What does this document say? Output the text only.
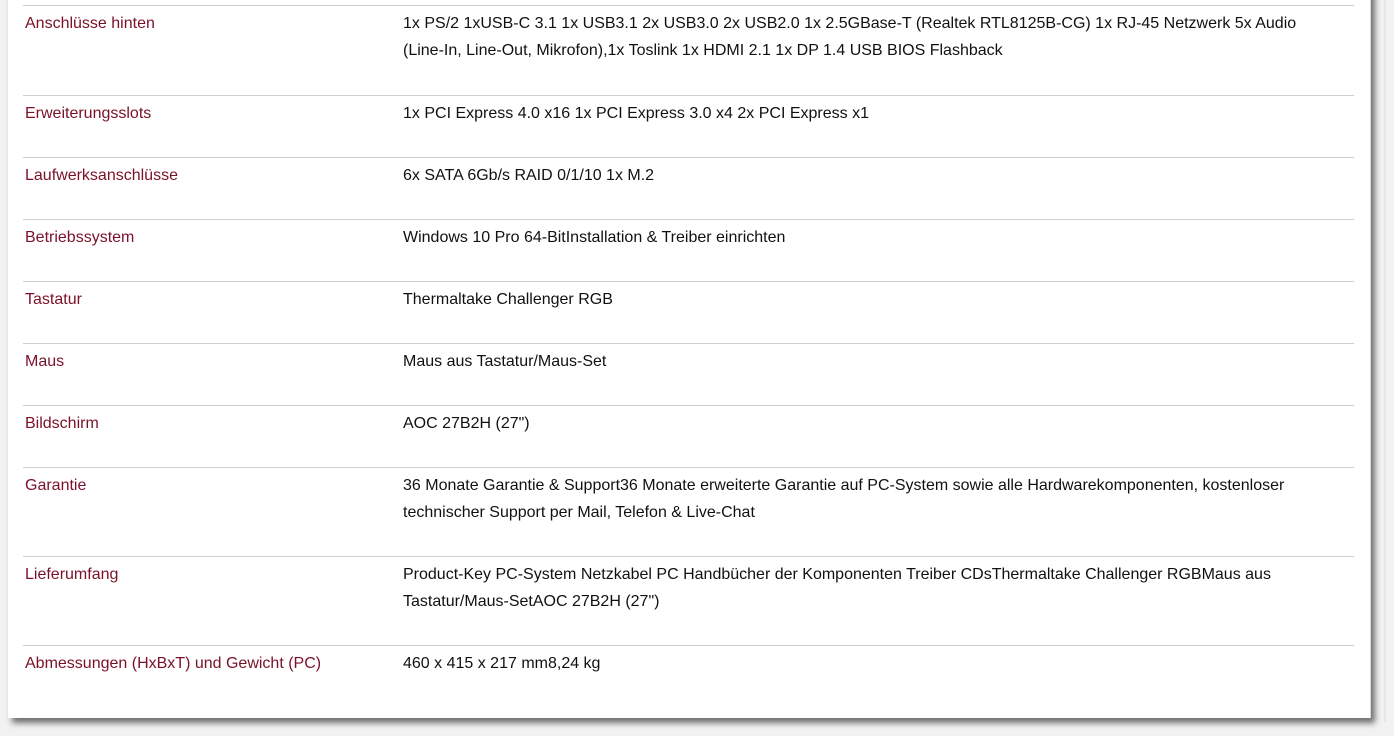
Anschlüsse hinten	1x PS/2 1xUSB-C 3.1 1x USB3.1 2x USB3.0 2x USB2.0 1x 2.5GBase-T (Realtek RTL8125B-CG) 1x RJ-45 Netzwerk 5x Audio (Line-In, Line-Out, Mikrofon),1x Toslink 1x HDMI 2.1 1x DP 1.4 USB BIOS Flashback
Erweiterungsslots	1x PCI Express 4.0 x16 1x PCI Express 3.0 x4 2x PCI Express x1
Laufwerksanschlüsse	6x SATA 6Gb/s RAID 0/1/10 1x M.2
Betriebssystem	Windows 10 Pro 64-BitInstallation & Treiber einrichten
Tastatur	Thermaltake Challenger RGB
Maus	Maus aus Tastatur/Maus-Set
Bildschirm	AOC 27B2H (27")
Garantie	36 Monate Garantie & Support36 Monate erweiterte Garantie auf PC-System sowie alle Hardwarekomponenten, kostenloser technischer Support per Mail, Telefon & Live-Chat
Lieferumfang	Product-Key PC-System Netzkabel PC Handbücher der Komponenten Treiber CDsThermaltake Challenger RGBMaus aus Tastatur/Maus-SetAOC 27B2H (27")
Abmessungen (HxBxT) und Gewicht (PC)	460 x 415 x 217 mm8,24 kg
